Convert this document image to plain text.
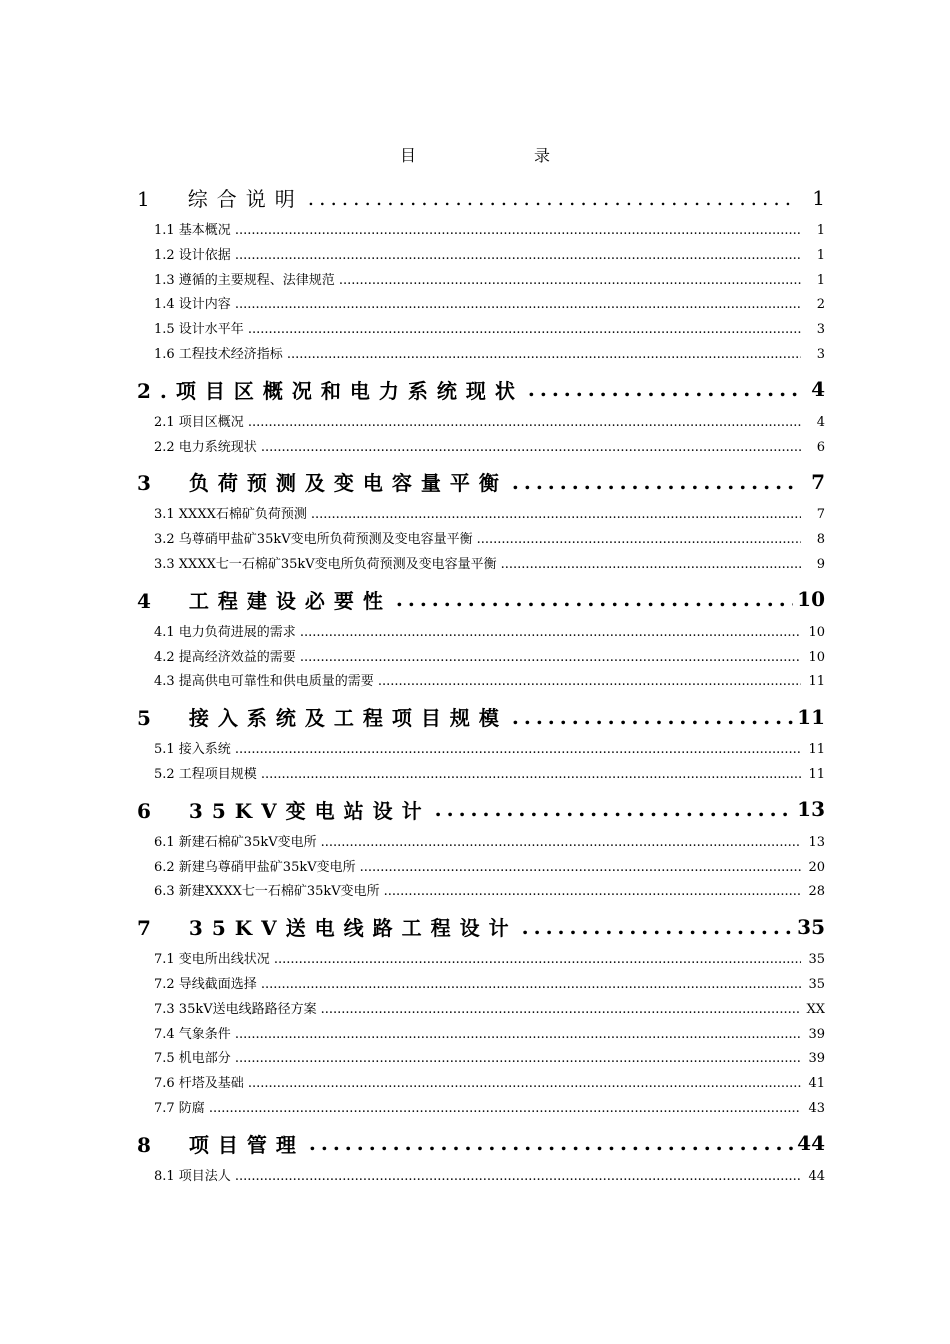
目	录
1　综合说明 .....	1
1.1 基本概况 .....	1
1.2 设计依据 .....	1
1.3 遵循的主要规程、法律规范 .....	1
1.4 设计内容 .....	2
1.5 设计水平年 .....	3
1.6 工程技术经济指标 .....	3
2.项目区概况和电力系统现状 .....	4
2.1 项目区概况 .....	4
2.2 电力系统现状 .....	6
3　负荷预测及变电容量平衡 .....	7
3.1 XXXX石棉矿负荷预测 .....	7
3.2 乌尊硝甲盐矿35kV变电所负荷预测及变电容量平衡 .....	8
3.3 XXXX七一石棉矿35kV变电所负荷预测及变电容量平衡 .....	9
4　工程建设必要性 .....	10
4.1 电力负荷进展的需求 .....	10
4.2 提高经济效益的需要 .....	10
4.3 提高供电可靠性和供电质量的需要 .....	11
5　接入系统及工程项目规模 .....	11
5.1 接入系统 .....	11
5.2 工程项目规模 .....	11
6　35KV变电站设计 .....	13
6.1 新建石棉矿35kV变电所 .....	13
6.2 新建乌尊硝甲盐矿35kV变电所 .....	20
6.3 新建XXXX七一石棉矿35kV变电所 .....	28
7　35KV送电线路工程设计 .....	35
7.1 变电所出线状况 .....	35
7.2 导线截面选择 .....	35
7.3 35kV送电线路路径方案 .....	XX
7.4 气象条件 .....	39
7.5 机电部分 .....	39
7.6 杆塔及基础 .....	41
7.7 防腐 .....	43
8　项目管理 .....	44
8.1 项目法人 .....	44
